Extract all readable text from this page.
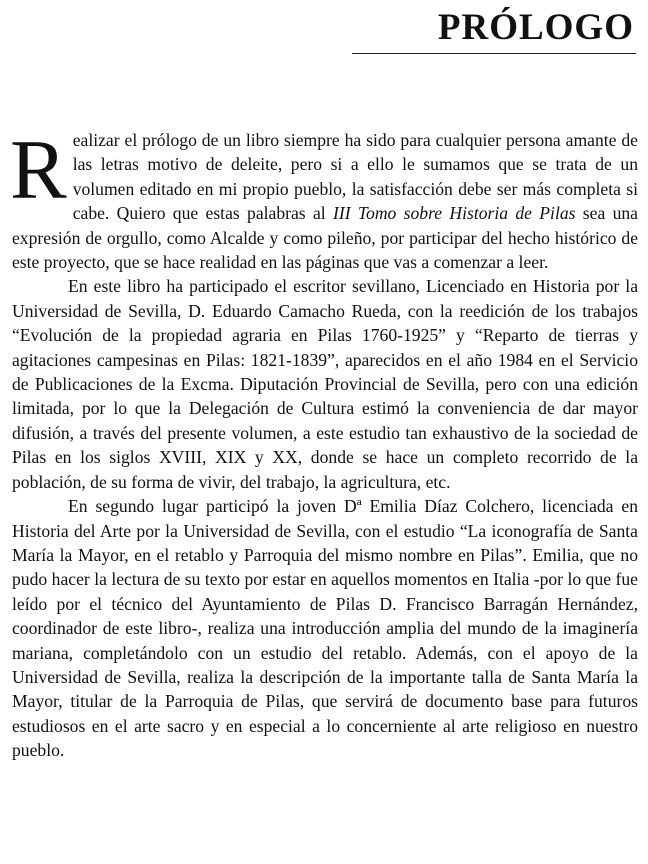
PRÓLOGO

Realizar el prólogo de un libro siempre ha sido para cualquier persona amante de las letras motivo de deleite, pero si a ello le sumamos que se trata de un volumen editado en mi propio pueblo, la satisfacción debe ser más completa si cabe. Quiero que estas palabras al III Tomo sobre Historia de Pilas sea una expresión de orgullo, como Alcalde y como pileño, por participar del hecho histórico de este proyecto, que se hace realidad en las páginas que vas a comenzar a leer.

En este libro ha participado el escritor sevillano, Licenciado en Historia por la Universidad de Sevilla, D. Eduardo Camacho Rueda, con la reedición de los trabajos “Evolución de la propiedad agraria en Pilas 1760-1925” y “Reparto de tierras y agitaciones campesinas en Pilas: 1821-1839”, aparecidos en el año 1984 en el Servicio de Publicaciones de la Excma. Diputación Provincial de Sevilla, pero con una edición limitada, por lo que la Delegación de Cultura estimó la conveniencia de dar mayor difusión, a través del presente volumen, a este estudio tan exhaustivo de la sociedad de Pilas en los siglos XVIII, XIX y XX, donde se hace un completo recorrido de la población, de su forma de vivir, del trabajo, la agricultura, etc.

En segundo lugar participó la joven Dª Emilia Díaz Colchero, licenciada en Historia del Arte por la Universidad de Sevilla, con el estudio “La iconografía de Santa María la Mayor, en el retablo y Parroquia del mismo nombre en Pilas”. Emilia, que no pudo hacer la lectura de su texto por estar en aquellos momentos en Italia -por lo que fue leído por el técnico del Ayuntamiento de Pilas D. Francisco Barragán Hernández, coordinador de este libro-, realiza una introducción amplia del mundo de la imaginería mariana, completándolo con un estudio del retablo. Además, con el apoyo de la Universidad de Sevilla, realiza la descripción de la importante talla de Santa María la Mayor, titular de la Parroquia de Pilas, que servirá de documento base para futuros estudiosos en el arte sacro y en especial a lo concerniente al arte religioso en nuestro pueblo.
